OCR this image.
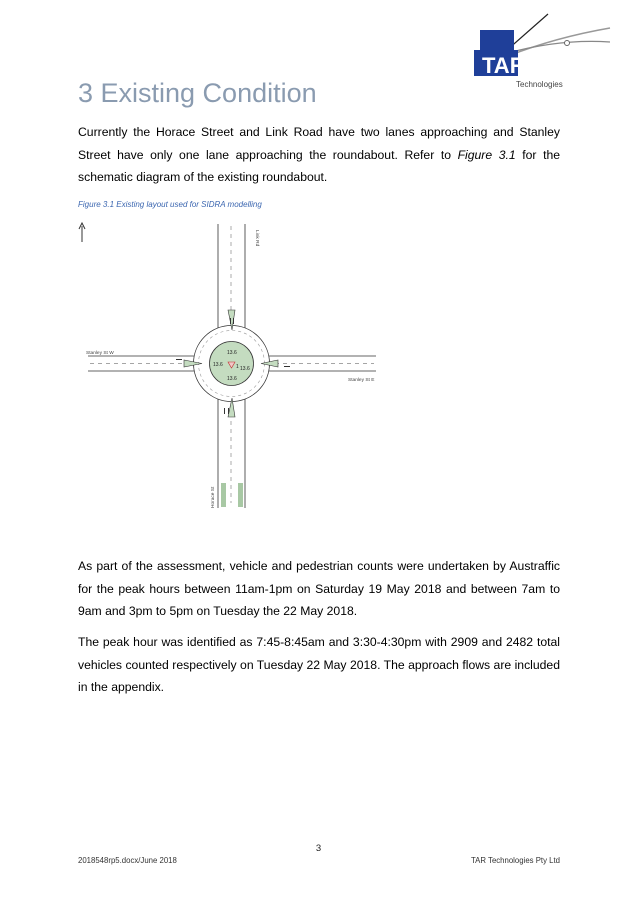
TAR
Technologies
3 Existing Condition

Currently the Horace Street and Link Road have two lanes approaching and Stanley Street have only one lane approaching the roundabout. Refer to Figure 3.1 for the schematic diagram of the existing roundabout.

Figure 3.1 Existing layout used for SIDRA modelling
13.6
13.6
13.6
13.6
1
Stanley St W
Stanley St E
Link Rd
Horace St

As part of the assessment, vehicle and pedestrian counts were undertaken by Austraffic for the peak hours between 11am-1pm on Saturday 19 May 2018 and between 7am to 9am and 3pm to 5pm on Tuesday the 22 May 2018.

The peak hour was identified as 7:45-8:45am and 3:30-4:30pm with 2909 and 2482 total vehicles counted respectively on Tuesday 22 May 2018. The approach flows are included in the appendix.

3
2018548rp5.docx/June 2018	TAR Technologies Pty Ltd
